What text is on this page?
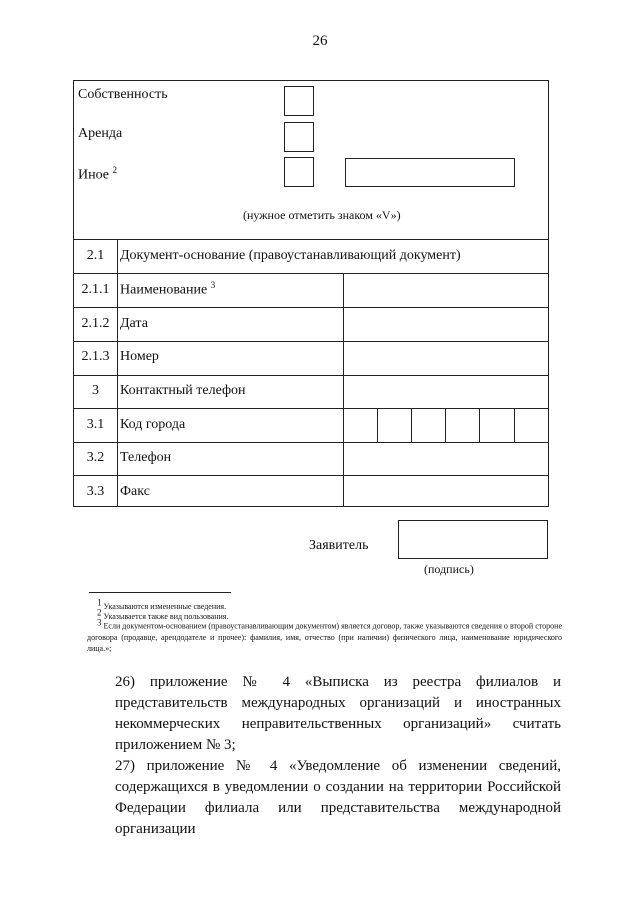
26
Собственность
Аренда
Иное $^2$
(нужное отметить знаком «V»)
2.1	Документ-основание (правоустанавливающий документ)
2.1.1 Наименование $^3$
2.1.2 Дата
2.1.3 Номер
3	Контактный телефон
3.1	Код города
3.2	Телефон
3.3	Факс
Заявитель
(подпись)
$^1$ Указываются измененные сведения.
$^2$ Указывается также вид пользования.
$^3$ Если документом-основанием (правоустанавливающим документом) является договор, также указываются сведения о второй стороне договора (продавце, арендодателе и прочее): фамилия, имя, отчество (при наличии) физического лица, наименование юридического лица.»;
26) приложение № 4 «Выписка из реестра филиалов и представительств международных организаций и иностранных некоммерческих неправительственных организаций» считать приложением № 3;
27) приложение № 4 «Уведомление об изменении сведений, содержащихся в уведомлении о создании на территории Российской Федерации филиала или представительства международной организации
